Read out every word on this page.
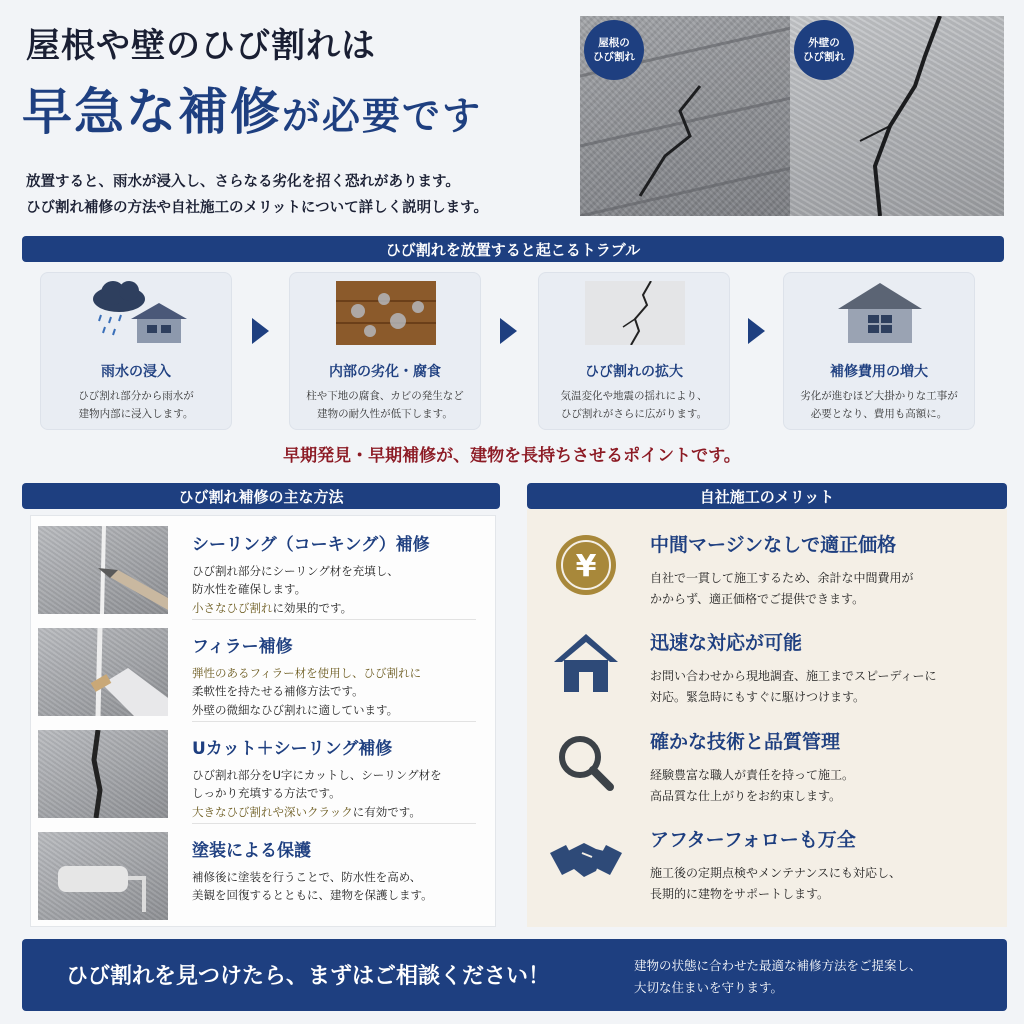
屋根や壁のひび割れは
早急な補修が必要です
放置すると、雨水が浸入し、さらなる劣化を招く恐れがあります。
ひび割れ補修の方法や自社施工のメリットについて詳しく説明します。
屋根の
ひび割れ
外壁の
ひび割れ
ひび割れを放置すると起こるトラブル
雨水の浸入
ひび割れ部分から雨水が
建物内部に浸入します。
内部の劣化・腐食
柱や下地の腐食、カビの発生など
建物の耐久性が低下します。
ひび割れの拡大
気温変化や地震の揺れにより、
ひび割れがさらに広がります。
補修費用の増大
劣化が進むほど大掛かりな工事が
必要となり、費用も高額に。
早期発見・早期補修が、建物を長持ちさせるポイントです。
ひび割れ補修の主な方法
シーリング（コーキング）補修
ひび割れ部分にシーリング材を充填し、
防水性を確保します。
小さなひび割れに効果的です。
フィラー補修
弾性のあるフィラー材を使用し、ひび割れに
柔軟性を持たせる補修方法です。
外壁の微細なひび割れに適しています。
Uカット＋シーリング補修
ひび割れ部分をU字にカットし、シーリング材を
しっかり充填する方法です。
大きなひび割れや深いクラックに有効です。
塗装による保護
補修後に塗装を行うことで、防水性を高め、
美観を回復するとともに、建物を保護します。
自社施工のメリット
¥
中間マージンなしで適正価格
自社で一貫して施工するため、余計な中間費用が
かからず、適正価格でご提供できます。
迅速な対応が可能
お問い合わせから現地調査、施工までスピーディーに
対応。緊急時にもすぐに駆けつけます。
確かな技術と品質管理
経験豊富な職人が責任を持って施工。
高品質な仕上がりをお約束します。
アフターフォローも万全
施工後の定期点検やメンテナンスにも対応し、
長期的に建物をサポートします。
ひび割れを見つけたら、まずはご相談ください！	建物の状態に合わせた最適な補修方法をご提案し、
大切な住まいを守ります。
